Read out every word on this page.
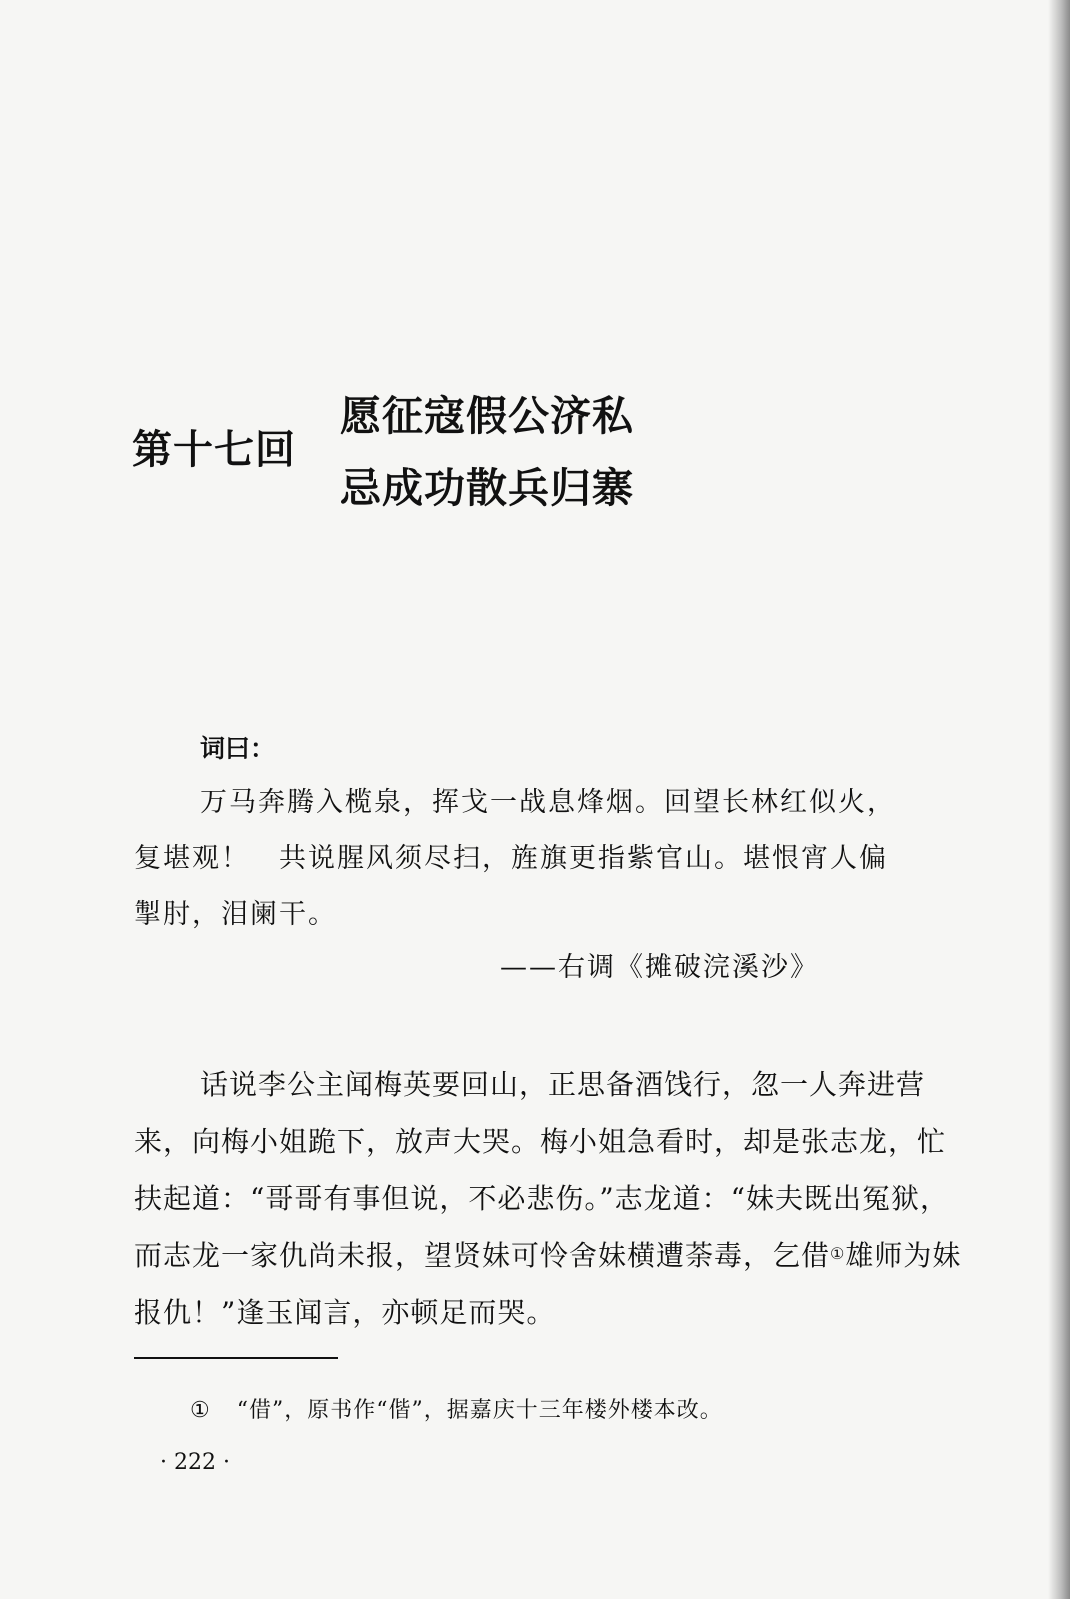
第十七回
愿征寇假公济私
忌成功散兵归寨
词曰：

万马奔腾入榄泉，挥戈一战息烽烟。回望长林红似火，

复堪观！　共说腥风须尽扫，旌旗更指紫官山。堪恨宵人偏

掣肘，泪阑干。

——右调《摊破浣溪沙》

话说李公主闻梅英要回山，正思备酒饯行，忽一人奔进营来，向梅小姐跪下，放声大哭。梅小姐急看时，却是张志龙，忙扶起道：“哥哥有事但说，不必悲伤。”志龙道：“妹夫既出冤狱，而志龙一家仇尚未报，望贤妹可怜舍妹横遭荼毒，乞借①雄师为妹报仇！”逢玉闻言，亦顿足而哭。

① “借”，原书作“偕”，据嘉庆十三年楼外楼本改。
· 222 ·
